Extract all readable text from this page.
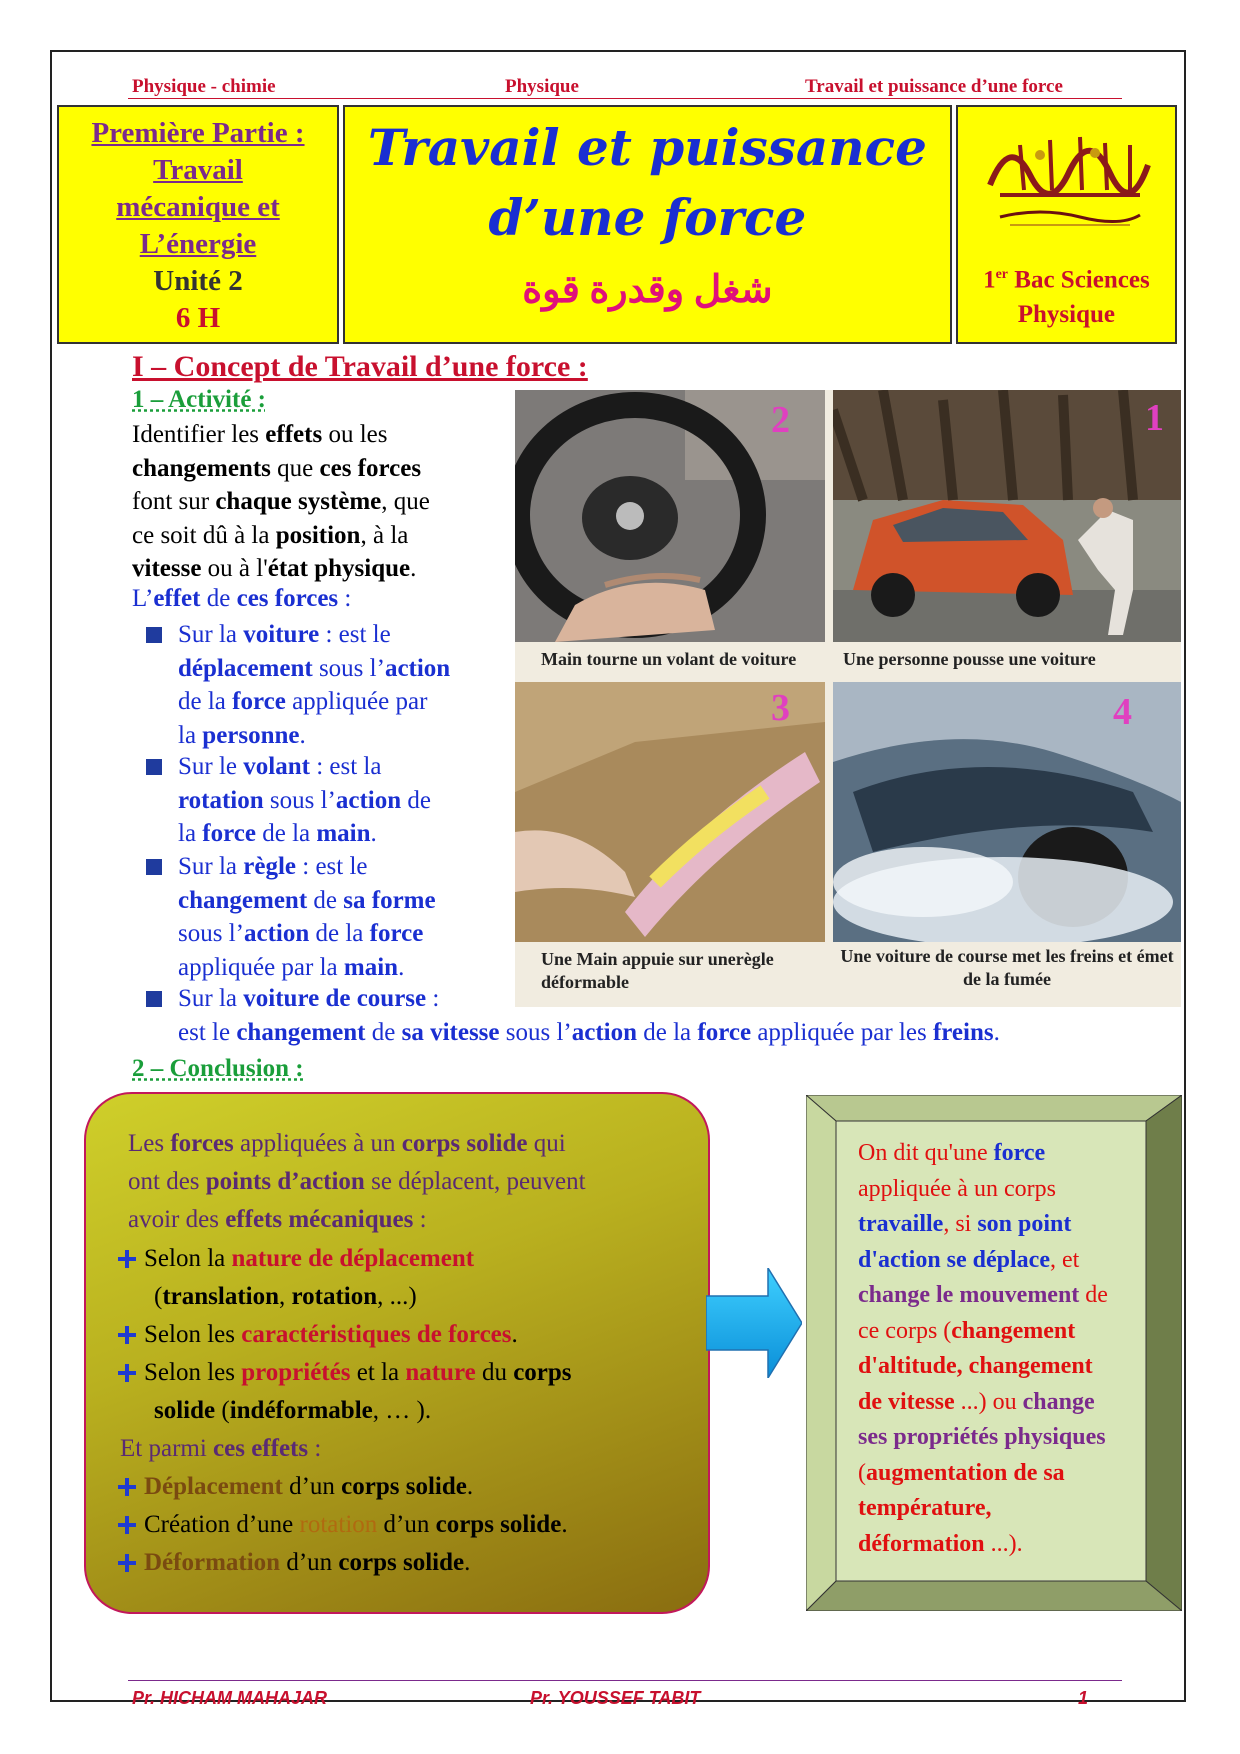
Physique - chimie	Physique	Travail et puissance d’une force
Première Partie :
Travail
mécanique et
L’énergie
Unité 2
6 H
Travail et puissance
d’une force
شغل وقدرة قوة	1er Bac Sciences
Physique
I – Concept de Travail d’une force :
1 – Activité :
Identifier les effets ou les
changements que ces forces
font sur chaque système, que
ce soit dû à la position, à la
vitesse ou à l'état physique.
L’effet de ces forces :
Sur la voiture : est le
déplacement sous l’action
de la force appliquée par
la personne.
Sur le volant : est la
rotation sous l’action de
la force de la main.
Sur la règle : est le
changement de sa forme
sous l’action de la force
appliquée par la main.
Sur la voiture de course :
est le changement de sa vitesse sous l’action de la force appliquée par les freins.
2	1
Main tourne un volant de voiture	Une personne pousse une voiture
3	4
Une Main appuie sur unerègle déformable
Une voiture de course met les freins et émet de la fumée
2 – Conclusion :
Les forces appliquées à un corps solide qui
ont des points d’action se déplacent, peuvent
avoir des effets mécaniques :
Selon la nature de déplacement
(translation, rotation, ...)
Selon les caractéristiques de forces.
Selon les propriétés et la nature du corps
solide (indéformable, … ).
Et parmi ces effets :
Déplacement d’un corps solide.
Création d’une rotation d’un corps solide.
Déformation d’un corps solide.
On dit qu'une force
appliquée à un corps
travaille, si son point
d'action se déplace, et
change le mouvement de
ce corps (changement
d'altitude, changement
de vitesse ...) ou change
ses propriétés physiques
(augmentation de sa
température,
déformation ...).
Pr. HICHAM MAHAJAR	Pr. YOUSSEF TABIT	1
